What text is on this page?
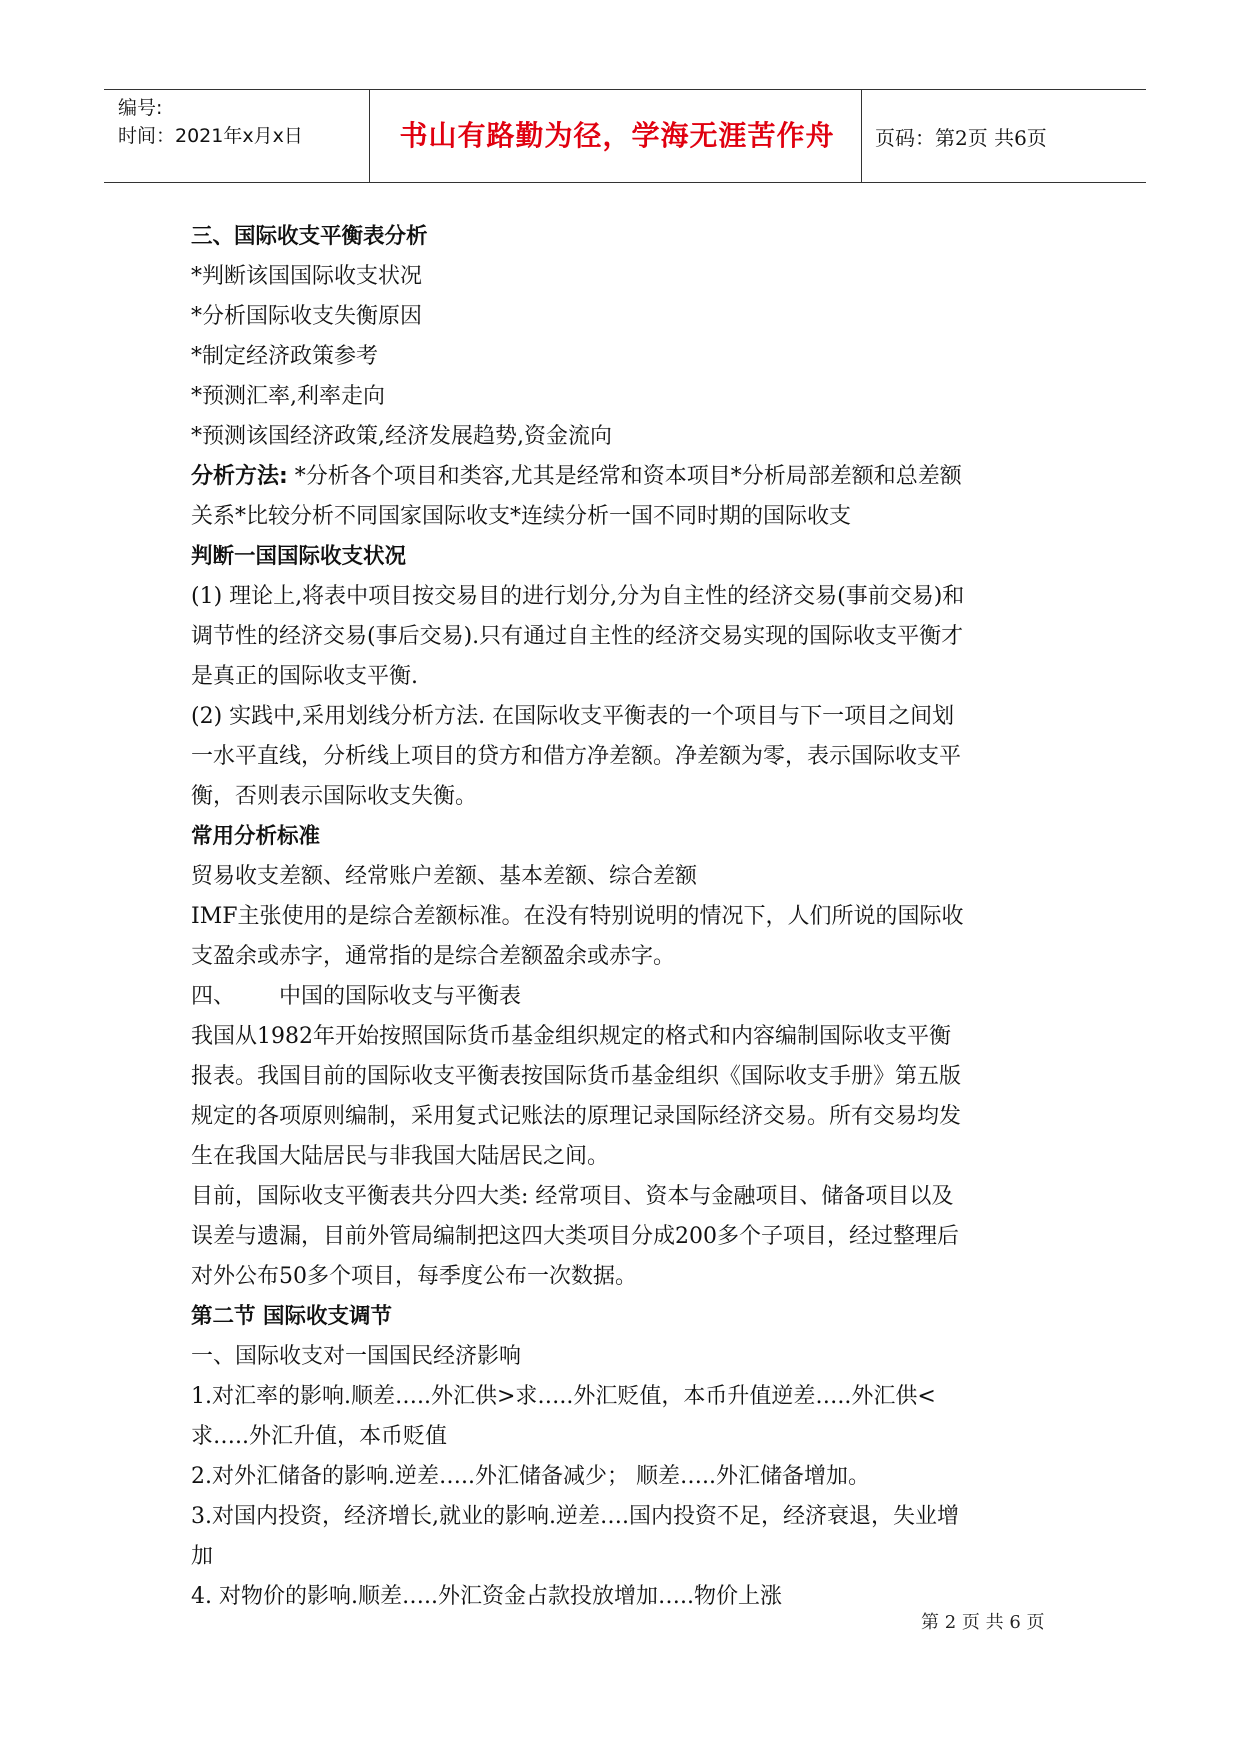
编号:
时间：2021年x月x日	书山有路勤为径，学海无涯苦作舟	页码：第2页 共6页

三、国际收支平衡表分析

*判断该国国际收支状况

*分析国际收支失衡原因

*制定经济政策参考

*预测汇率,利率走向

*预测该国经济政策,经济发展趋势,资金流向

分析方法: *分析各个项目和类容,尤其是经常和资本项目*分析局部差额和总差额

关系*比较分析不同国家国际收支*连续分析一国不同时期的国际收支

判断一国国际收支状况

(1) 理论上,将表中项目按交易目的进行划分,分为自主性的经济交易(事前交易)和

调节性的经济交易(事后交易).只有通过自主性的经济交易实现的国际收支平衡才

是真正的国际收支平衡.

(2) 实践中,采用划线分析方法. 在国际收支平衡表的一个项目与下一项目之间划

一水平直线，分析线上项目的贷方和借方净差额。净差额为零，表示国际收支平

衡，否则表示国际收支失衡。

常用分析标准

贸易收支差额、经常账户差额、基本差额、综合差额

IMF主张使用的是综合差额标准。在没有特别说明的情况下，人们所说的国际收

支盈余或赤字，通常指的是综合差额盈余或赤字。

四、 中国的国际收支与平衡表

我国从1982年开始按照国际货币基金组织规定的格式和内容编制国际收支平衡

报表。我国目前的国际收支平衡表按国际货币基金组织《国际收支手册》第五版

规定的各项原则编制，采用复式记账法的原理记录国际经济交易。所有交易均发

生在我国大陆居民与非我国大陆居民之间。

目前，国际收支平衡表共分四大类: 经常项目、资本与金融项目、储备项目以及

误差与遗漏，目前外管局编制把这四大类项目分成200多个子项目，经过整理后

对外公布50多个项目，每季度公布一次数据。

第二节 国际收支调节

一、国际收支对一国国民经济影响

1.对汇率的影响.顺差…..外汇供>求…..外汇贬值，本币升值逆差…..外汇供<

求…..外汇升值，本币贬值

2.对外汇储备的影响.逆差…..外汇储备减少； 顺差…..外汇储备增加。

3.对国内投资，经济增长,就业的影响.逆差….国内投资不足，经济衰退，失业增

加

4. 对物价的影响.顺差…..外汇资金占款投放增加…..物价上涨

第 2 页 共 6 页
